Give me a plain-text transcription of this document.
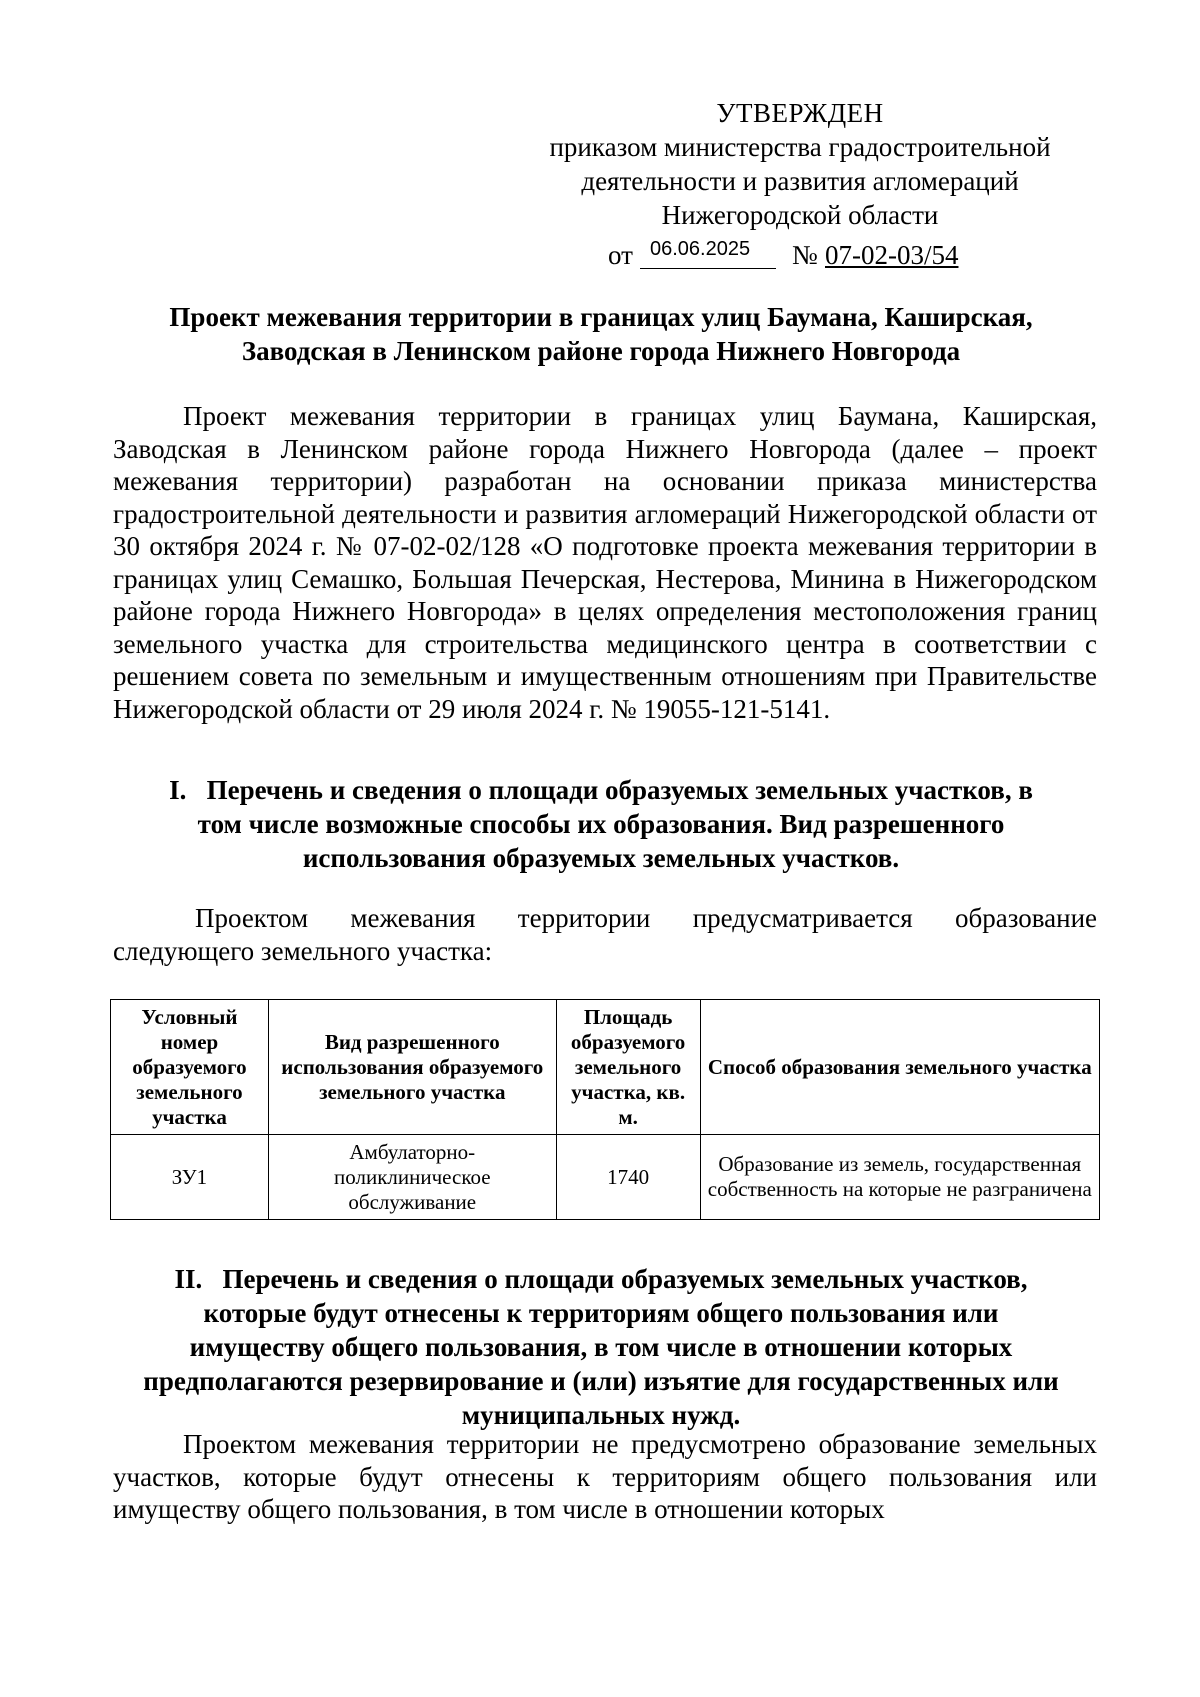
УТВЕРЖДЕН
приказом министерства градостроительной
деятельности и развития агломераций
Нижегородской области
от 06.06.2025 № 07-02-03/54
Проект межевания территории в границах улиц Баумана, Каширская,
Заводская в Ленинском районе города Нижнего Новгорода
Проект межевания территории в границах улиц Баумана, Каширская, Заводская в Ленинском районе города Нижнего Новгорода (далее – проект межевания территории) разработан на основании приказа министерства градостроительной деятельности и развития агломераций Нижегородской области от 30 октября 2024 г. № 07-02-02/128 «О подготовке проекта межевания территории в границах улиц Семашко, Большая Печерская, Нестерова, Минина в Нижегородском районе города Нижнего Новгорода» в целях определения местоположения границ земельного участка для строительства медицинского центра в соответствии с решением совета по земельным и имущественным отношениям при Правительстве Нижегородской области от 29 июля 2024 г. № 19055-121-5141.
I.   Перечень и сведения о площади образуемых земельных участков, в
том числе возможные способы их образования. Вид разрешенного
использования образуемых земельных участков.
Проектом межевания территории предусматривается образование следующего земельного участка:
Условный номер образуемого земельного участка	Вид разрешенного использования образуемого земельного участка	Площадь образуемого земельного участка, кв. м.	Способ образования земельного участка
ЗУ1	Амбулаторно-поликлиническое обслуживание	1740	Образование из земель, государственная собственность на которые не разграничена
II.   Перечень и сведения о площади образуемых земельных участков,
которые будут отнесены к территориям общего пользования или
имуществу общего пользования, в том числе в отношении которых
предполагаются резервирование и (или) изъятие для государственных или
муниципальных нужд.
Проектом межевания территории не предусмотрено образование земельных участков, которые будут отнесены к территориям общего пользования или имуществу общего пользования, в том числе в отношении которых
